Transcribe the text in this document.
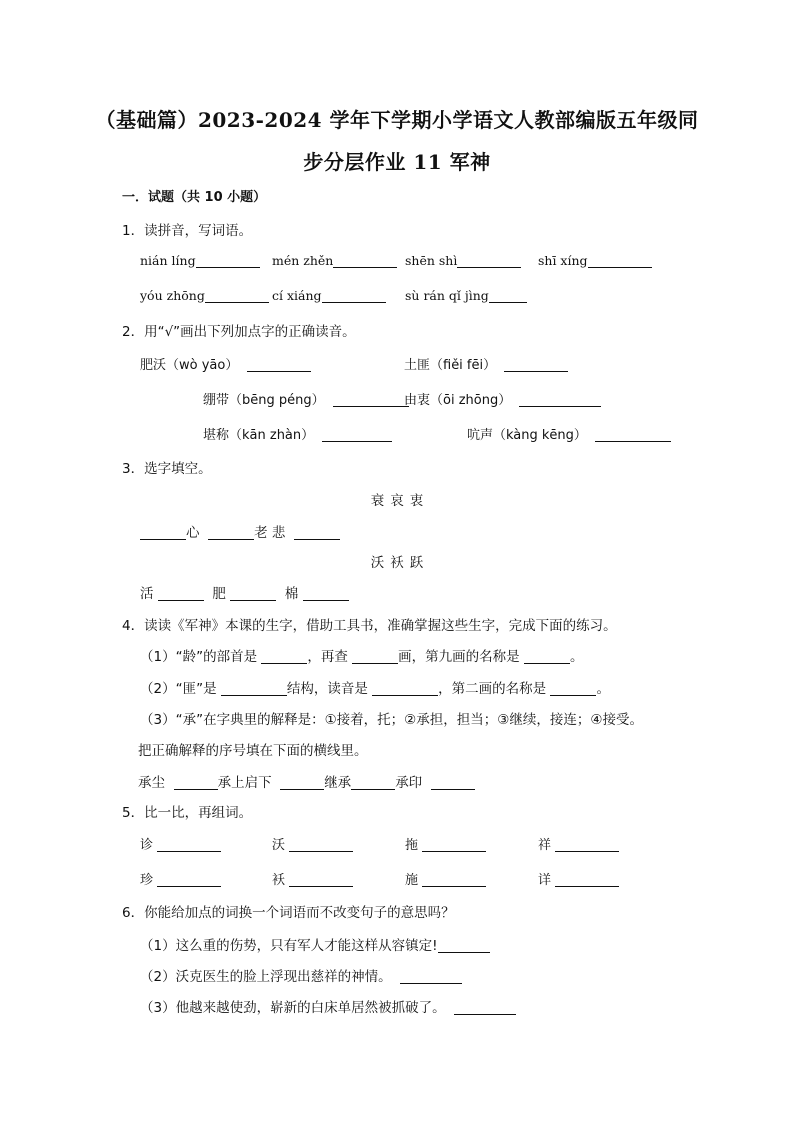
（基础篇）2023-2024 学年下学期小学语文人教部编版五年级同
步分层作业 11 军神
一．试题（共 10 小题）
1．读拼音，写词语。
nián líng	mén zhěn	shēn shì	shī xíng
yóu zhōng	cí xiáng	sù rán qǐ jìng
2．用“√”画出下列加点字的正确读音。
肥沃（wò yāo）	土匪（fiěi fēi）
绷带（bēng péng）	由衷（ōi zhōng）
堪称（kān zhàn）	吭声（kàng kēng）
3．选字填空。
衰 哀 衷
心	老 悲
沃 袄 跃
活	肥	棉
4．读读《军神》本课的生字，借助工具书，准确掌握这些生字，完成下面的练习。
（1）“龄”的部首是	，再查	画，第九画的名称是	。
（2）“匪”是	结构，读音是	，第二画的名称是	。
（3）“承”在字典里的解释是：①接着，托；②承担，担当；③继续，接连；④接受。
把正确解释的序号填在下面的横线里。
承尘	承上启下	继承	承印
5．比一比，再组词。
诊	沃	拖	祥
珍	袄	施	详
6．你能给加点的词换一个词语而不改变句子的意思吗？
（1）这么重的伤势，只有军人才能这样从容镇定!
（2）沃克医生的脸上浮现出慈祥的神情。
（3）他越来越使劲，崭新的白床单居然被抓破了。
